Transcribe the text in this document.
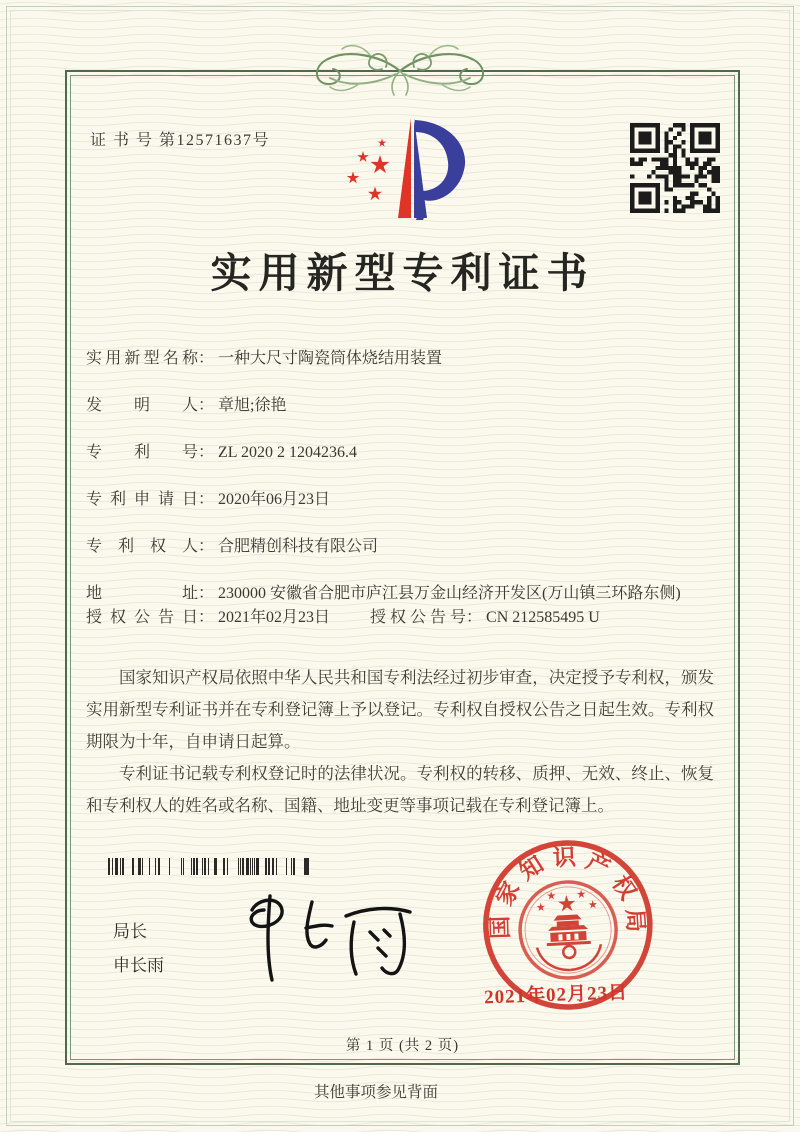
证 书 号 第12571637号
实用新型专利证书
实用新型名称 ： 一种大尺寸陶瓷筒体烧结用装置
发明人 ： 章旭;徐艳
专利号 ： ZL 2020 2 1204236.4
专利申请日 ： 2020年06月23日
专利权人 ： 合肥精创科技有限公司
地址 ： 230000 安徽省合肥市庐江县万金山经济开发区(万山镇三环路东侧)
授权公告日 ： 2021年02月23日	授权公告号 ： CN 212585495 U

国家知识产权局依照中华人民共和国专利法经过初步审查，决定授予专利权，颁发实用新型专利证书并在专利登记簿上予以登记。专利权自授权公告之日起生效。专利权期限为十年，自申请日起算。

专利证书记载专利权登记时的法律状况。专利权的转移、质押、无效、终止、恢复和专利权人的姓名或名称、国籍、地址变更等事项记载在专利登记簿上。

局长
申长雨
国家知识产权局
2021年02月23日
第 1 页 (共 2 页)
其他事项参见背面
